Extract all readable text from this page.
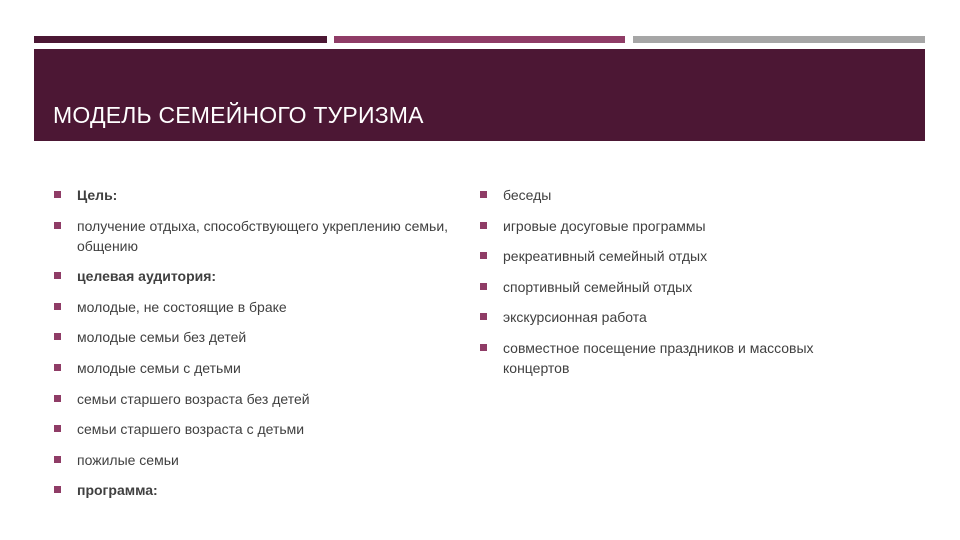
МОДЕЛЬ СЕМЕЙНОГО ТУРИЗМА
Цель:
получение отдыха, способствующего укреплению семьи, общению
целевая аудитория:
молодые, не состоящие в браке
молодые семьи без детей
молодые семьи с детьми
семьи старшего возраста без детей
семьи старшего возраста с детьми
пожилые семьи
программа:
беседы
игровые досуговые программы
рекреативный семейный отдых
спортивный семейный отдых
экскурсионная работа
совместное посещение праздников и массовых концертов
